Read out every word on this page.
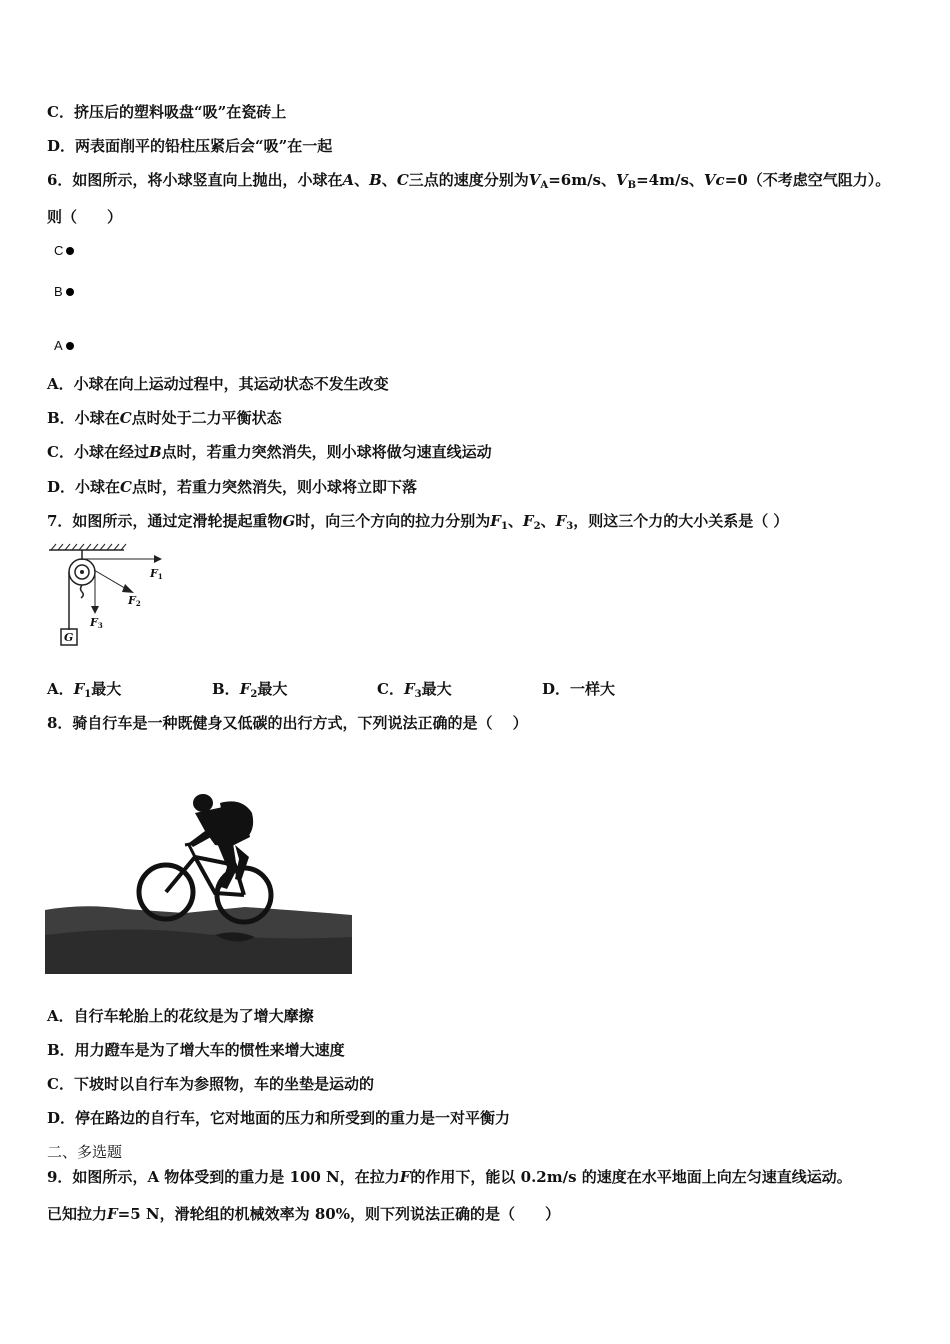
C．挤压后的塑料吸盘“吸”在瓷砖上
D．两表面削平的铅柱压紧后会“吸”在一起
6．如图所示，将小球竖直向上抛出，小球在A、B、C三点的速度分别为$V_A=6m/s$、$V_B=4m/s$、Vc=0（不考虑空气阻力）。
则（　　）
C
B
A
A．小球在向上运动过程中，其运动状态不发生改变
B．小球在C点时处于二力平衡状态
C．小球在经过B点时，若重力突然消失，则小球将做匀速直线运动
D．小球在C点时，若重力突然消失，则小球将立即下落
7．如图所示，通过定滑轮提起重物G时，向三个方向的拉力分别为$F_1$、$F_2$、$F_3$，则这三个力的大小关系是（ ）
F1
F2
F3
G
A．$F_1$最大	B．$F_2$最大	C．$F_3$最大	D．一样大
8．骑自行车是一种既健身又低碳的出行方式，下列说法正确的是（　 ）
A．自行车轮胎上的花纹是为了增大摩擦
B．用力蹬车是为了增大车的惯性来增大速度
C．下坡时以自行车为参照物，车的坐垫是运动的
D．停在路边的自行车，它对地面的压力和所受到的重力是一对平衡力
二、多选题
9．如图所示，A 物体受到的重力是 100 N，在拉力F的作用下，能以 0.2m/s 的速度在水平地面上向左匀速直线运动。
已知拉力F=5 N，滑轮组的机械效率为 80%，则下列说法正确的是（　　）
